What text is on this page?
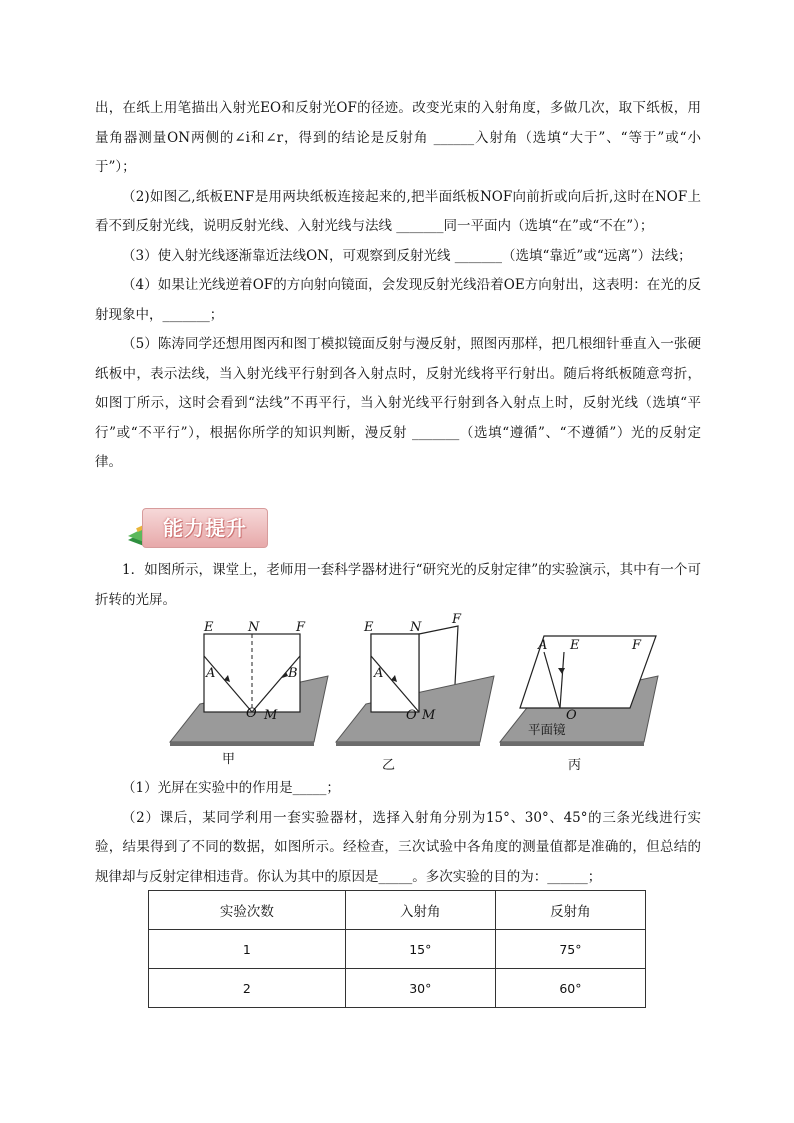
出，在纸上用笔描出入射光EO和反射光OF的径迹。改变光束的入射角度，多做几次，取下纸板，用量角器测量ON两侧的∠i和∠r，得到的结论是反射角 ______入射角（选填“大于”、“等于”或“小于”）；

（2)如图乙,纸板ENF是用两块纸板连接起来的,把半面纸板NOF向前折或向后折,这时在NOF上看不到反射光线，说明反射光线、入射光线与法线 _______同一平面内（选填“在”或“不在”）；

（3）使入射光线逐渐靠近法线ON，可观察到反射光线 _______（选填“靠近”或“远离”）法线；

（4）如果让光线逆着OF的方向射向镜面，会发现反射光线沿着OE方向射出，这表明：在光的反射现象中，_______；

（5）陈涛同学还想用图丙和图丁模拟镜面反射与漫反射，照图丙那样，把几根细针垂直入一张硬纸板中，表示法线，当入射光线平行射到各入射点时，反射光线将平行射出。随后将纸板随意弯折，如图丁所示，这时会看到“法线”不再平行，当入射光线平行射到各入射点上时，反射光线（选填“平行”或“不平行”），根据你所学的知识判断，漫反射 _______（选填“遵循”、“不遵循”）光的反射定律。

能力提升

1．如图所示，课堂上，老师用一套科学器材进行“研究光的反射定律”的实验演示，其中有一个可折转的光屏。

E	N	F
A	B
O M
甲
E	N
F
A
O M
乙
A E	F
O
平面镜
丙

（1）光屏在实验中的作用是_____；

（2）课后，某同学利用一套实验器材，选择入射角分别为15°、30°、45°的三条光线进行实验，结果得到了不同的数据，如图所示。经检查，三次试验中各角度的测量值都是准确的，但总结的规律却与反射定律相违背。你认为其中的原因是_____。多次实验的目的为：______；

实验次数	入射角	反射角
1	15°	75°
2	30°	60°
